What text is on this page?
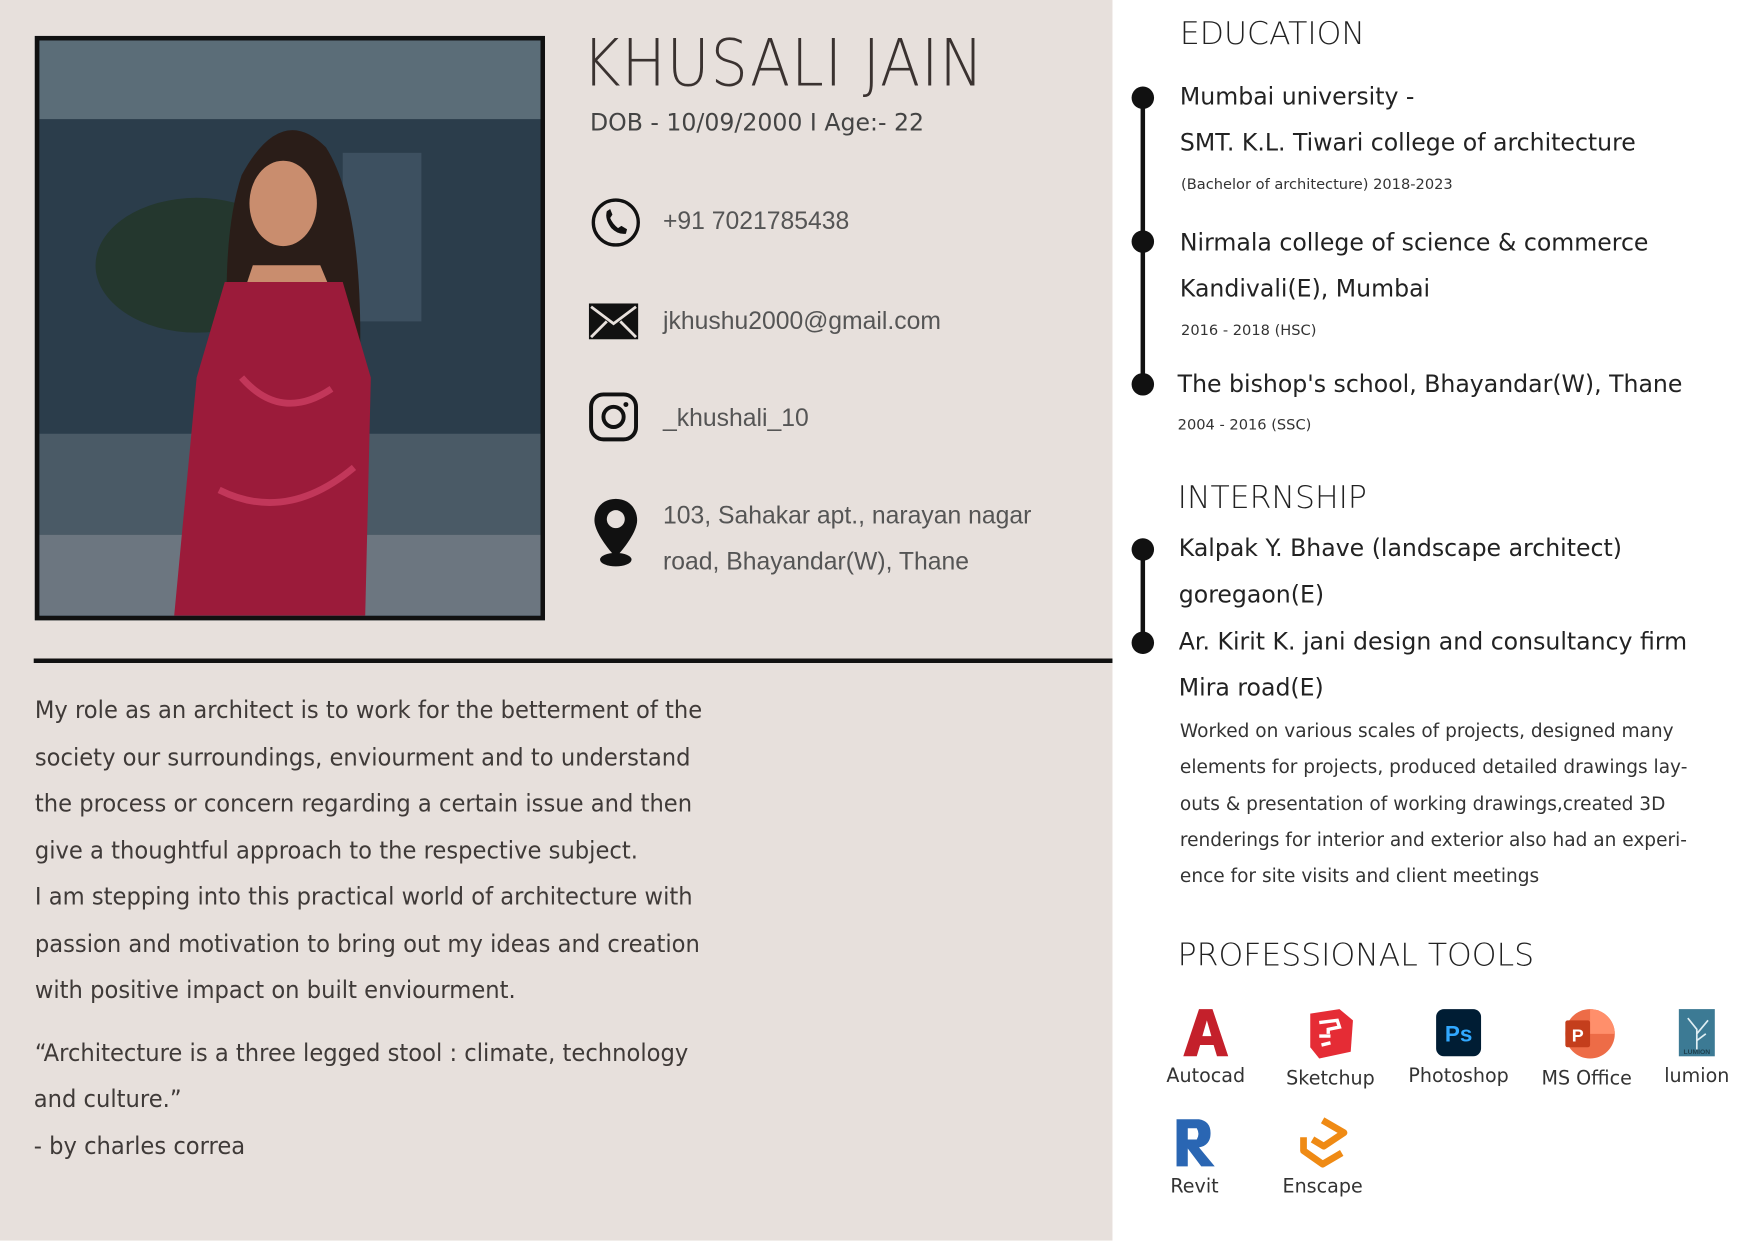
KHUSALI JAIN
DOB - 10/09/2000 I Age:- 22
+91 7021785438
jkhushu2000@gmail.com
_khushali_10
103, Sahakar apt., narayan nagar
road, Bhayandar(W), Thane
My role as an architect is to work for the betterment of the
society our surroundings, enviourment and to understand
the process or concern regarding a certain issue and then
give a thoughtful approach to the respective subject.
I am stepping into this practical world of architecture with
passion and motivation to bring out my ideas and creation
with positive impact on built enviourment.
“Architecture is a three legged stool : climate, technology
and culture.”
- by charles correa
EDUCATION
Mumbai university -
SMT. K.L. Tiwari college of architecture
(Bachelor of architecture) 2018-2023
Nirmala college of science & commerce
Kandivali(E), Mumbai
2016 - 2018 (HSC)
The bishop's school, Bhayandar(W), Thane
2004 - 2016 (SSC)
INTERNSHIP
Kalpak Y. Bhave (landscape architect)
goregaon(E)
Ar. Kirit K. jani design and consultancy firm
Mira road(E)
Worked on various scales of projects, designed many
elements for projects, produced detailed drawings lay-
outs & presentation of working drawings,created 3D
renderings for interior and exterior also had an experi-
ence for site visits and client meetings
PROFESSIONAL TOOLS
Autocad	Sketchup
Ps
Photoshop
P
MS Office
LUMION
lumion
Revit	Enscape
